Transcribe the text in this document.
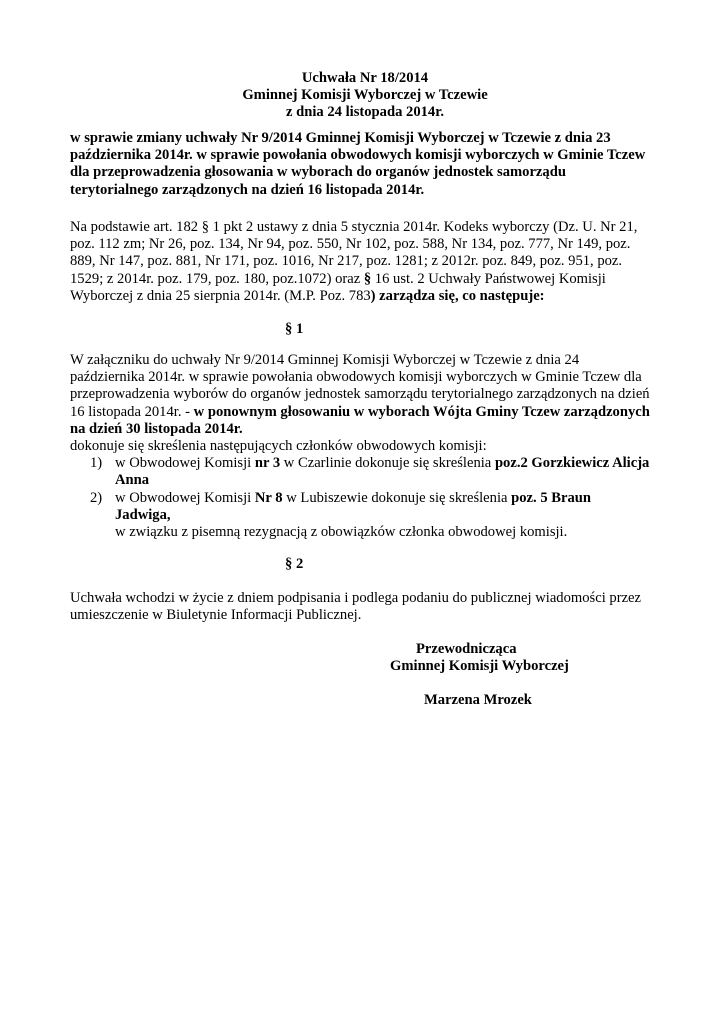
Uchwała Nr 18/2014
Gminnej Komisji Wyborczej w Tczewie
z dnia 24 listopada 2014r.
w sprawie zmiany uchwały Nr 9/2014 Gminnej Komisji Wyborczej w Tczewie z dnia 23
października 2014r. w sprawie powołania obwodowych komisji wyborczych w Gminie Tczew
dla przeprowadzenia głosowania w wyborach do organów jednostek samorządu
terytorialnego zarządzonych na dzień 16 listopada 2014r.
Na podstawie art. 182 § 1 pkt 2 ustawy z dnia 5 stycznia 2014r. Kodeks wyborczy (Dz. U. Nr 21,
poz. 112 zm; Nr 26, poz. 134, Nr 94, poz. 550, Nr 102, poz. 588, Nr 134, poz. 777, Nr 149, poz.
889, Nr 147, poz. 881, Nr 171, poz. 1016, Nr 217, poz. 1281; z 2012r. poz. 849, poz. 951, poz.
1529; z 2014r. poz. 179, poz. 180, poz.1072) oraz § 16 ust. 2 Uchwały Państwowej Komisji
Wyborczej z dnia 25 sierpnia 2014r. (M.P. Poz. 783) zarządza się, co następuje:
§ 1
W załączniku do uchwały Nr 9/2014 Gminnej Komisji Wyborczej w Tczewie z dnia 24
października 2014r. w sprawie powołania obwodowych komisji wyborczych w Gminie Tczew dla
przeprowadzenia wyborów do organów jednostek samorządu terytorialnego zarządzonych na dzień
16 listopada 2014r. - w ponownym głosowaniu w wyborach Wójta Gminy Tczew zarządzonych
na dzień 30 listopada 2014r.
dokonuje się skreślenia następujących członków obwodowych komisji:
1) w Obwodowej Komisji nr 3 w Czarlinie dokonuje się skreślenia poz.2 Gorzkiewicz Alicja
Anna
2) w Obwodowej Komisji Nr 8 w Lubiszewie dokonuje się skreślenia poz. 5 Braun
Jadwiga,
w związku z pisemną rezygnacją z obowiązków członka obwodowej komisji.
§ 2
Uchwała wchodzi w życie z dniem podpisania i podlega podaniu do publicznej wiadomości przez
umieszczenie w Biuletynie Informacji Publicznej.
Przewodnicząca
Gminnej Komisji Wyborczej
Marzena Mrozek
